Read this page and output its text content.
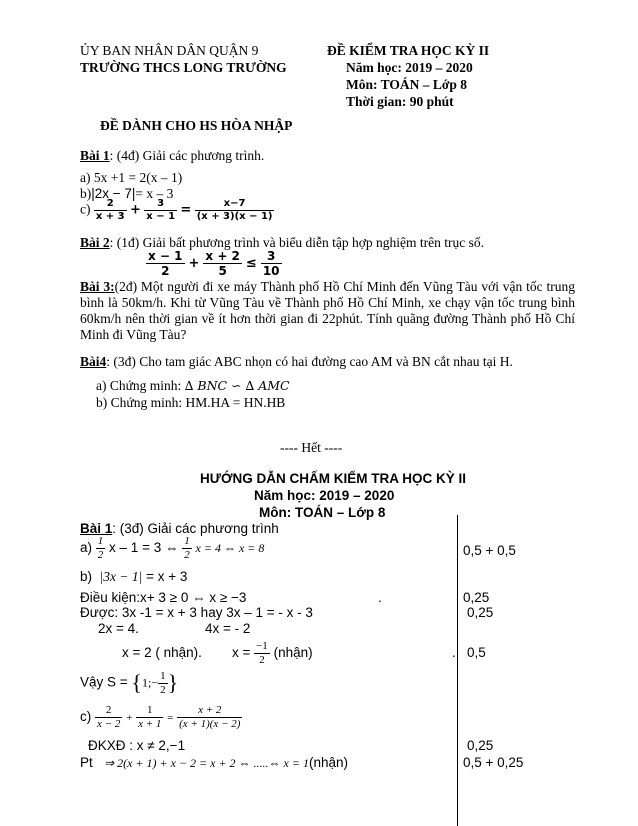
ỦY BAN NHÂN DÂN QUẬN 9
TRƯỜNG THCS LONG TRƯỜNG
ĐỀ KIỂM TRA HỌC KỲ II
Năm học: 2019 – 2020
Môn: TOÁN – Lớp 8
Thời gian: 90 phút
ĐỀ DÀNH CHO HS HÒA NHẬP
Bài 1: (4đ) Giải các phương trình.
a) 5x +1 = 2(x – 1)
b)|2x − 7|= x – 3
$c) \frac{2}{x + 3} + \frac{3}{x - 1} = \frac{x-7}{(x + 3)(x - 1)}$
Bài 2: (1đ) Giải bất phương trình và biểu diễn tập hợp nghiệm trên trục số.
$\frac{x - 1}{2} + \frac{x + 2}{5} \le \frac{3}{10}$
Bài 3:(2đ) Một người đi xe máy Thành phố Hồ Chí Minh đến Vũng Tàu với vận tốc trung bình là 50km/h. Khi từ Vũng Tàu về Thành phố Hồ Chí Minh, xe chạy vận tốc trung bình 60km/h nên thời gian về ít hơn thời gian đi 22phút. Tính quãng đường Thành phố Hồ Chí Minh đi Vũng Tàu?
Bài4: (3đ) Cho tam giác ABC nhọn có hai đường cao AM và BN cắt nhau tại H.
a) Chứng minh: ∆ BNC ∽ ∆ AMC
b) Chứng minh: HM.HA = HN.HB
---- Hết ----
HƯỚNG DẪN CHẤM KIỂM TRA HỌC KỲ II
Năm học: 2019 – 2020
Môn: TOÁN – Lớp 8
Bài 1: (3đ) Giải các phương trình
$a) \frac{1}{2}$ x – 1 = 3 ⇔ $\frac{1}{2}$ x = 4 ⇔ x = 8	0,5 + 0,5
b) |3x − 1| = x + 3
Điều kiện:x+ 3 ≥ 0 ⇔ x ≥ −3	.	0,25
Được: 3x -1 = x + 3 hay 3x – 1 = - x - 3	0,25
2x = 4.	4x = - 2
x = 2 ( nhận). $x = \frac{-1}{2}$ (nhận)	. 0,5
Vậy S = {1;− $\frac{1}{2}$ }
$c) \frac{2}{x - 2} + \frac{1}{x + 1} = \frac{x + 2}{(x + 1)(x - 2)}$
ĐKXĐ : x ≠ 2,−1	0,25
Pt ⇒ 2(x + 1) + x − 2 = x + 2 ⇔ .....⇔ x = 1(nhận)	0,5 + 0,25
